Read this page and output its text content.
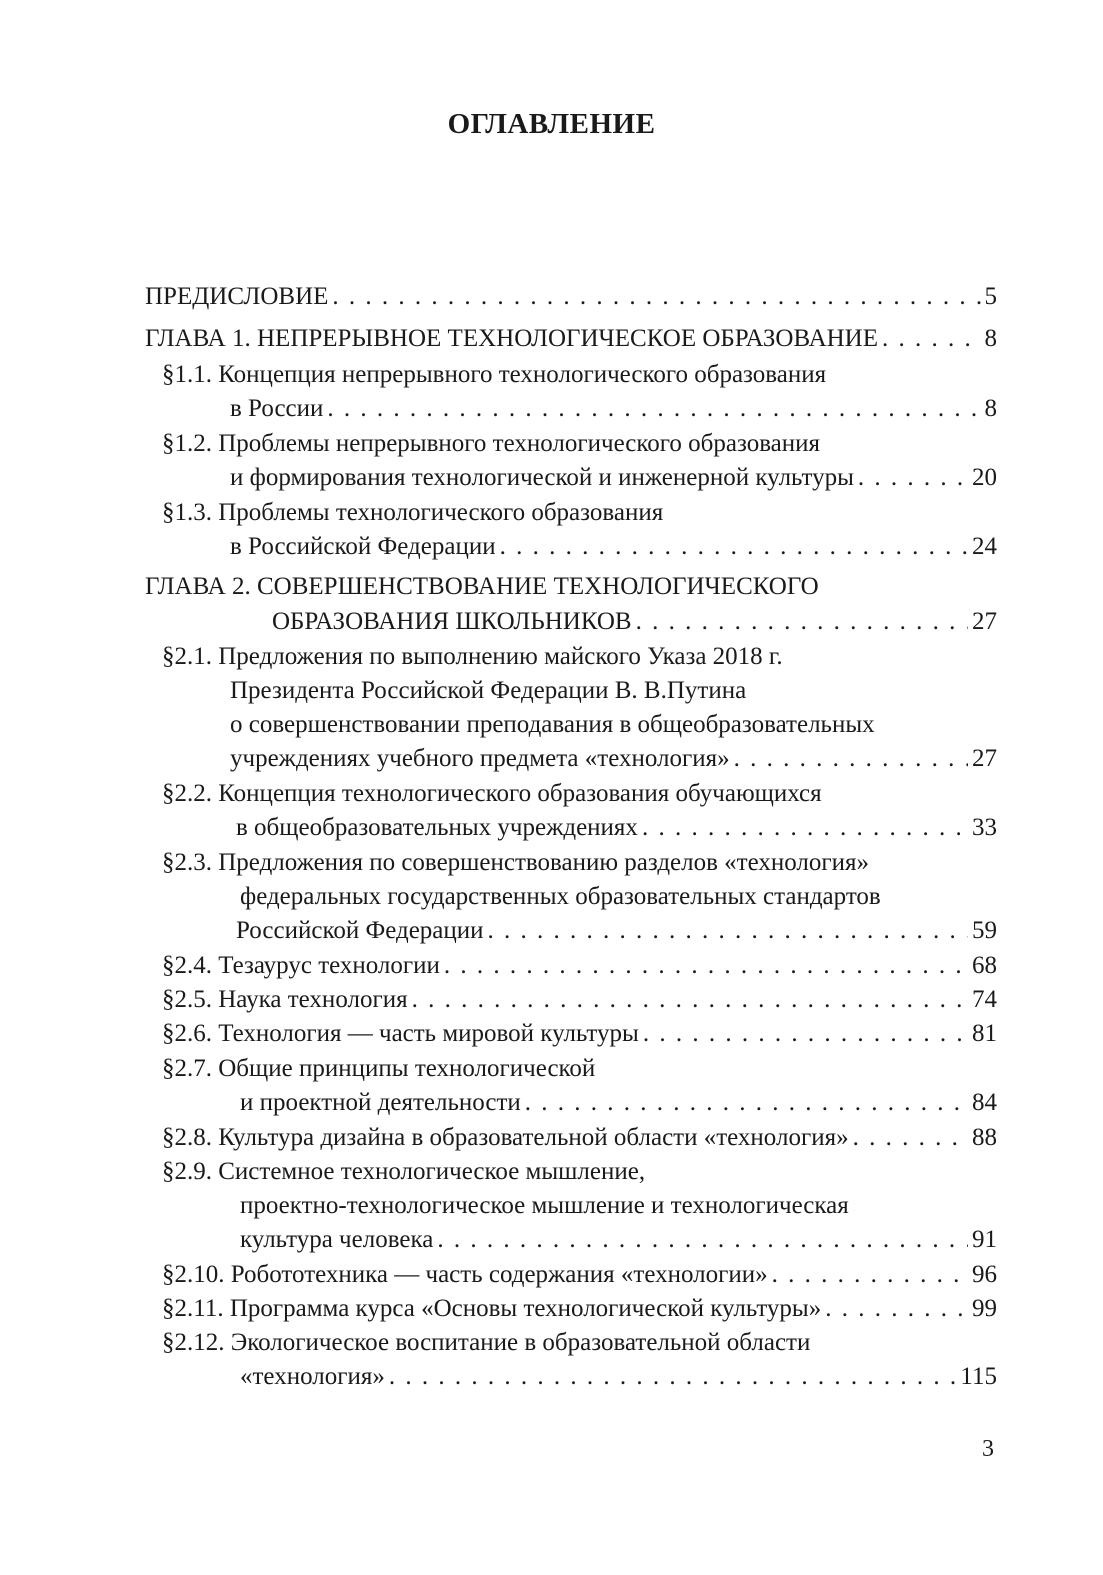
ОГЛАВЛЕНИЕ
ПРЕДИСЛОВИЕ . . .	5
ГЛАВА 1. НЕПРЕРЫВНОЕ ТЕХНОЛОГИЧЕСКОЕ ОБРАЗОВАНИЕ . . .	8
§1.1. Концепция непрерывного технологического образования
в России . . .	8
§1.2. Проблемы непрерывного технологического образования
и формирования технологической и инженерной культуры . . .	20
§1.3. Проблемы технологического образования
в Российской Федерации . . .	24
ГЛАВА 2. СОВЕРШЕНСТВОВАНИЕ ТЕХНОЛОГИЧЕСКОГО
ОБРАЗОВАНИЯ ШКОЛЬНИКОВ . . .	27
§2.1. Предложения по выполнению майского Указа 2018 г.
Президента Российской Федерации В. В.Путина
о совершенствовании преподавания в общеобразовательных
учреждениях учебного предмета «технология» . . .	27
§2.2. Концепция технологического образования обучающихся
в общеобразовательных учреждениях . . .	33
§2.3. Предложения по совершенствованию разделов «технология»
федеральных государственных образовательных стандартов
Российской Федерации . . .	59
§2.4. Тезаурус технологии . . .	68
§2.5. Наука технология . . .	74
§2.6. Технология — часть мировой культуры . . .	81
§2.7. Общие принципы технологической
и проектной деятельности . . .	84
§2.8. Культура дизайна в образовательной области «технология» . . .	88
§2.9. Системное технологическое мышление,
проектно-технологическое мышление и технологическая
культура человека . . .	91
§2.10. Робототехника — часть содержания «технологии» . . .	96
§2.11. Программа курса «Основы технологической культуры» . . .	99
§2.12. Экологическое воспитание в образовательной области
«технология» . . .	115
3
